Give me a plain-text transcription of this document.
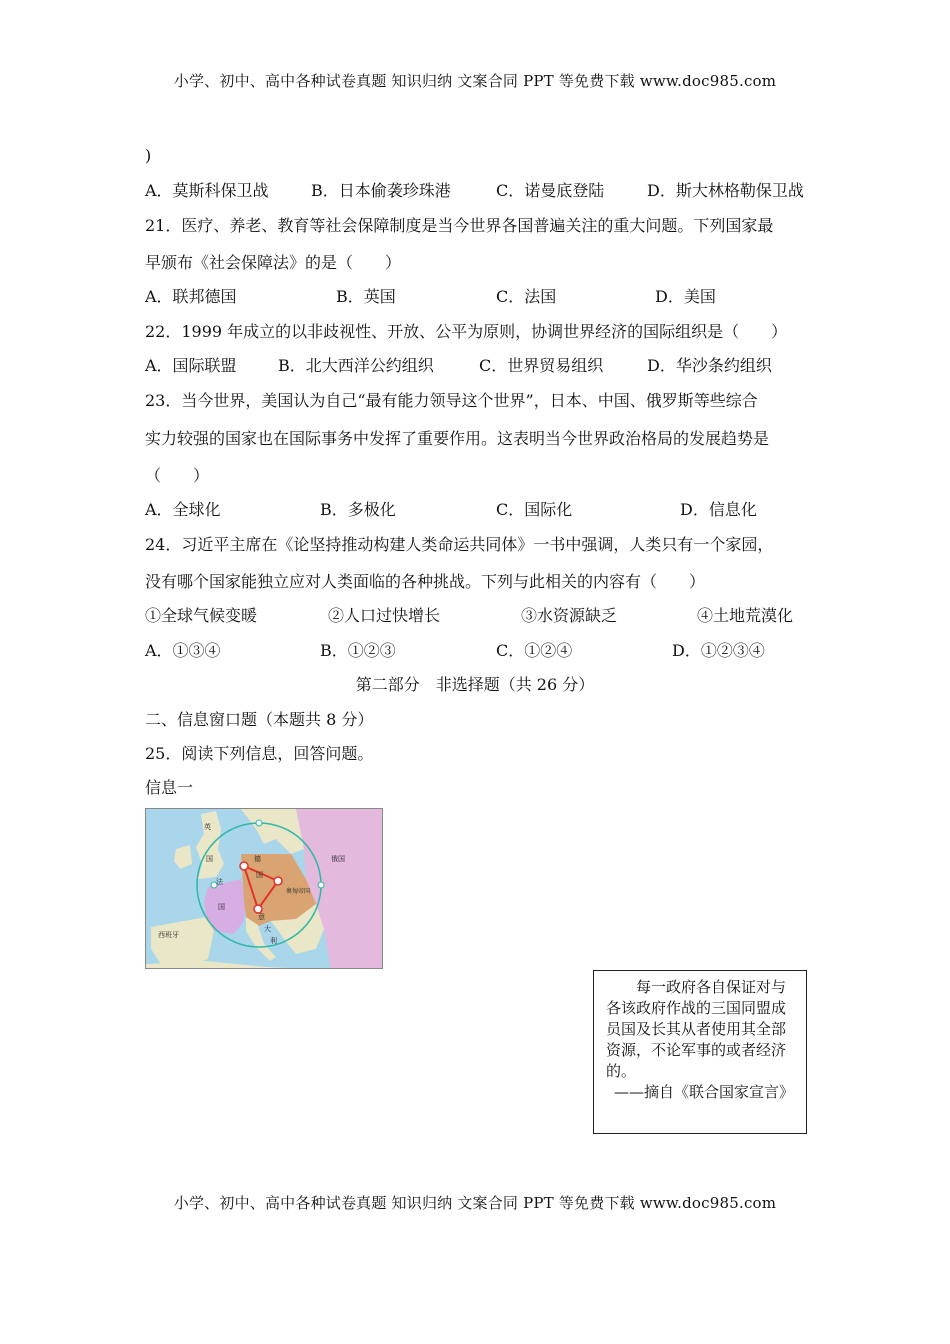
小学、初中、高中各种试卷真题 知识归纳 文案合同 PPT 等免费下载 www.doc985.com
)
A．莫斯科保卫战	B．日本偷袭珍珠港	C．诺曼底登陆	D．斯大林格勒保卫战
21．医疗、养老、教育等社会保障制度是当今世界各国普遍关注的重大问题。下列国家最
早颁布《社会保障法》的是（　　）
A．联邦德国	B．英国	C．法国	D．美国
22．1999 年成立的以非歧视性、开放、公平为原则，协调世界经济的国际组织是（　　）
A．国际联盟	B．北大西洋公约组织	C．世界贸易组织	D．华沙条约组织
23．当今世界，美国认为自己“最有能力领导这个世界”，日本、中国、俄罗斯等些综合
实力较强的国家也在国际事务中发挥了重要作用。这表明当今世界政治格局的发展趋势是
（　　）
A．全球化	B．多极化	C．国际化	D．信息化
24．习近平主席在《论坚持推动构建人类命运共同体》一书中强调，人类只有一个家园，
没有哪个国家能独立应对人类面临的各种挑战。下列与此相关的内容有（　　）
①全球气候变暖	②人口过快增长	③水资源缺乏	④土地荒漠化
A．①③④	B．①②③	C．①②④	D．①②③④
第二部分　非选择题（共 26 分）
二、信息窗口题（本题共 8 分）
25．阅读下列信息，回答问题。
信息一
英
国
法
国
德
国
奥匈帝国
俄国
西班牙
意
大
利

每一政府各自保证对与各该政府作战的三国同盟成员国及长其从者使用其全部资源，不论军事的或者经济的。

——摘自《联合国家宣言》

小学、初中、高中各种试卷真题 知识归纳 文案合同 PPT 等免费下载 www.doc985.com
